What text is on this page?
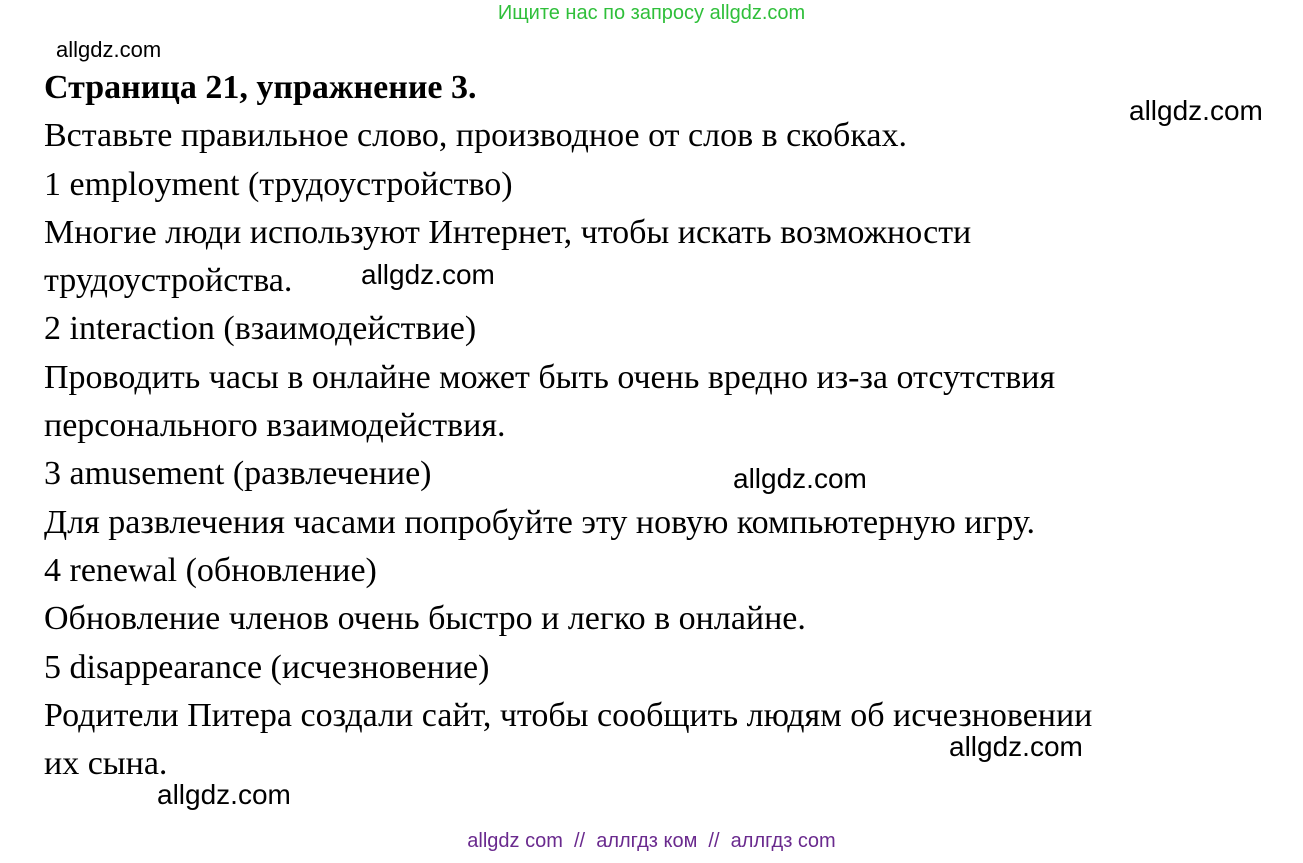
Ищите нас по запросу allgdz.com
allgdz.com
allgdz.com
allgdz.com
allgdz.com
allgdz.com
allgdz.com
Страница 21, упражнение 3.
Вставьте правильное слово, производное от слов в скобках.
1 employment (трудоустройство)
Многие люди используют Интернет, чтобы искать возможности
трудоустройства.
2 interaction (взаимодействие)
Проводить часы в онлайне может быть очень вредно из-за отсутствия
персонального взаимодействия.
3 amusement (развлечение)
Для развлечения часами попробуйте эту новую компьютерную игру.
4 renewal (обновление)
Обновление членов очень быстро и легко в онлайне.
5 disappearance (исчезновение)
Родители Питера создали сайт, чтобы сообщить людям об исчезновении
их сына.
allgdz com  //  аллгдз ком  //  аллгдз com
